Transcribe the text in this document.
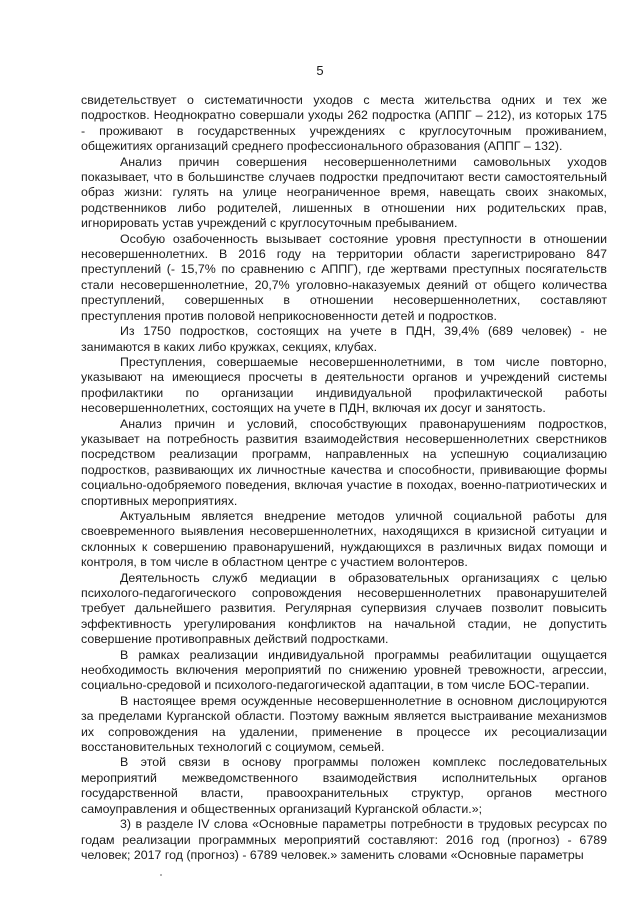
5

свидетельствует о систематичности уходов с места жительства одних и тех же подростков. Неоднократно совершали уходы 262 подростка (АППГ – 212), из которых 175 - проживают в государственных учреждениях с круглосуточным проживанием, общежитиях организаций среднего профессионального образования (АППГ – 132).

Анализ причин совершения несовершеннолетними самовольных уходов показывает, что в большинстве случаев подростки предпочитают вести самостоятельный образ жизни: гулять на улице неограниченное время, навещать своих знакомых, родственников либо родителей, лишенных в отношении них родительских прав, игнорировать устав учреждений с круглосуточным пребыванием.

Особую озабоченность вызывает состояние уровня преступности в отношении несовершеннолетних. В 2016 году на территории области зарегистрировано 847 преступлений (- 15,7% по сравнению с АППГ), где жертвами преступных посягательств стали несовершеннолетние, 20,7% уголовно-наказуемых деяний от общего количества преступлений, совершенных в отношении несовершеннолетних, составляют преступления против половой неприкосновенности детей и подростков.

Из 1750 подростков, состоящих на учете в ПДН, 39,4% (689 человек) - не занимаются в каких либо кружках, секциях, клубах.

Преступления, совершаемые несовершеннолетними, в том числе повторно, указывают на имеющиеся просчеты в деятельности органов и учреждений системы профилактики по организации индивидуальной профилактической работы несовершеннолетних, состоящих на учете в ПДН, включая их досуг и занятость.

Анализ причин и условий, способствующих правонарушениям подростков, указывает на потребность развития взаимодействия несовершеннолетних сверстников посредством реализации программ, направленных на успешную социализацию подростков, развивающих их личностные качества и способности, прививающие формы социально-одобряемого поведения, включая участие в походах, военно-патриотических и спортивных мероприятиях.

Актуальным является внедрение методов уличной социальной работы для своевременного выявления несовершеннолетних, находящихся в кризисной ситуации и склонных к совершению правонарушений, нуждающихся в различных видах помощи и контроля, в том числе в областном центре с участием волонтеров.

Деятельность служб медиации в образовательных организациях с целью психолого-педагогического сопровождения несовершеннолетних правонарушителей требует дальнейшего развития. Регулярная супервизия случаев позволит повысить эффективность урегулирования конфликтов на начальной стадии, не допустить совершение противоправных действий подростками.

В рамках реализации индивидуальной программы реабилитации ощущается необходимость включения мероприятий по снижению уровней тревожности, агрессии, социально-средовой и психолого-педагогической адаптации, в том числе БОС-терапии.

В настоящее время осужденные несовершеннолетние в основном дислоцируются за пределами Курганской области. Поэтому важным является выстраивание механизмов их сопровождения на удалении, применение в процессе их ресоциализации восстановительных технологий с социумом, семьей.

В этой связи в основу программы положен комплекс последовательных мероприятий межведомственного взаимодействия исполнительных органов государственной власти, правоохранительных структур, органов местного самоуправления и общественных организаций Курганской области.»;

3) в разделе IV слова «Основные параметры потребности в трудовых ресурсах по годам реализации программных мероприятий составляют: 2016 год (прогноз) - 6789 человек; 2017 год (прогноз) - 6789 человек.» заменить словами «Основные параметры
